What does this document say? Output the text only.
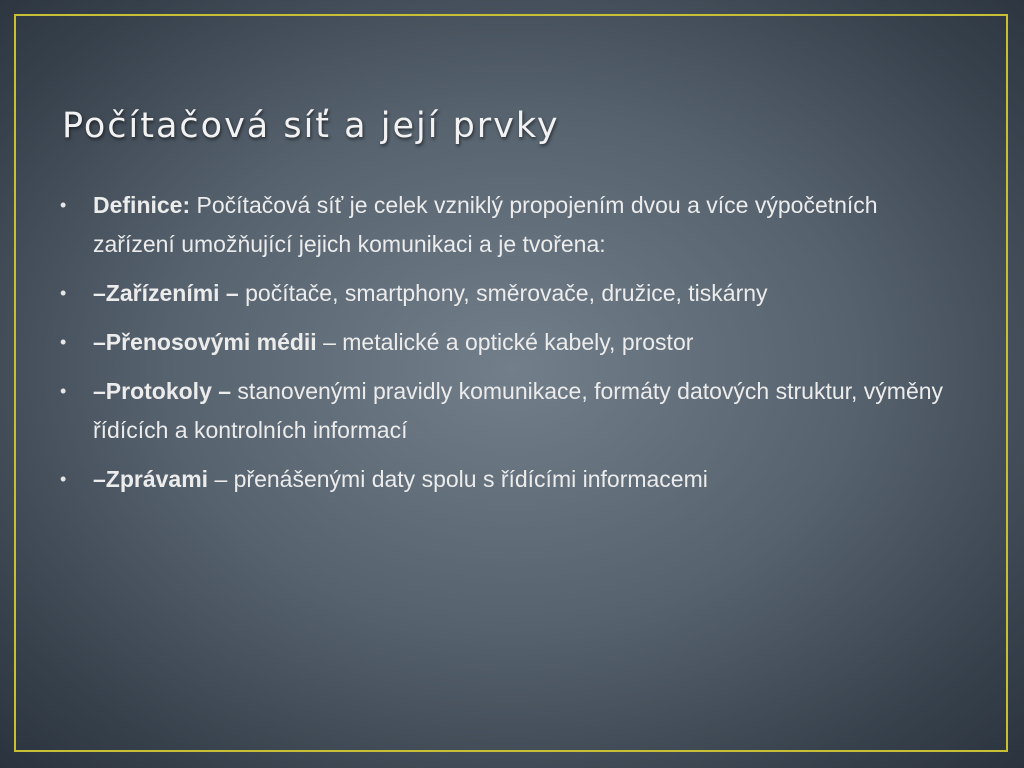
Počítačová síť a její prvky
• Definice: Počítačová síť je celek vzniklý propojením dvou a více výpočetních zařízení umožňující jejich komunikaci a je tvořena:
• –Zařízeními – počítače, smartphony, směrovače, družice, tiskárny
• –Přenosovými médii – metalické a optické kabely, prostor
• –Protokoly – stanovenými pravidly komunikace, formáty datových struktur, výměny řídících a kontrolních informací
• –Zprávami – přenášenými daty spolu s řídícími informacemi
